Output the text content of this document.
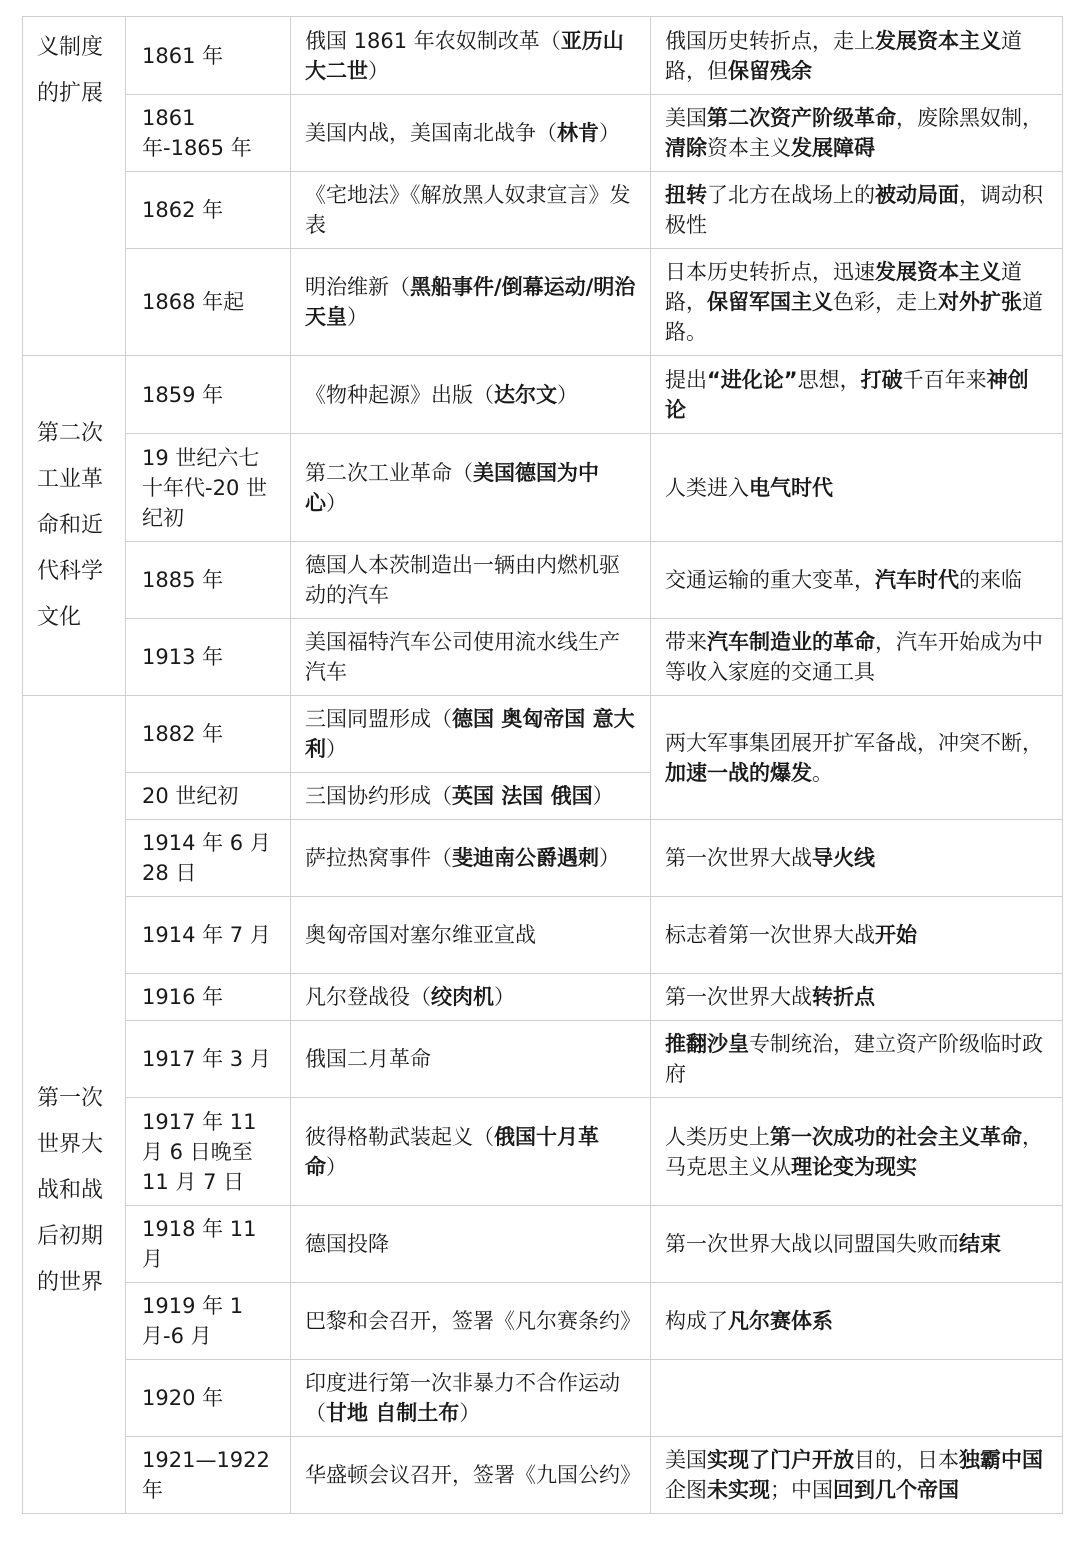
义制度的扩展	1861 年	俄国 1861 年农奴制改革（亚历山大二世）	俄国历史转折点，走上发展资本主义道路，但保留残余
	1861 年-1865 年	美国内战，美国南北战争（林肯）	美国第二次资产阶级革命，废除黑奴制，清除资本主义发展障碍
	1862 年	《宅地法》《解放黑人奴隶宣言》发表	扭转了北方在战场上的被动局面，调动积极性
	1868 年起	明治维新（黑船事件/倒幕运动/明治天皇）	日本历史转折点，迅速发展资本主义道路，保留军国主义色彩，走上对外扩张道路。
第二次工业革命和近代科学文化	1859 年	《物种起源》出版（达尔文）	提出“进化论”思想，打破千百年来神创论
	19 世纪六七十年代-20 世纪初	第二次工业革命（美国德国为中心）	人类进入电气时代
	1885 年	德国人本茨制造出一辆由内燃机驱动的汽车	交通运输的重大变革，汽车时代的来临
	1913 年	美国福特汽车公司使用流水线生产汽车	带来汽车制造业的革命，汽车开始成为中等收入家庭的交通工具
第一次世界大战和战后初期的世界	1882 年	三国同盟形成（德国 奥匈帝国 意大利）	两大军事集团展开扩军备战，冲突不断，加速一战的爆发。
	20 世纪初	三国协约形成（英国 法国 俄国）	
	1914 年 6 月 28 日	萨拉热窝事件（斐迪南公爵遇刺）	第一次世界大战导火线
	1914 年 7 月	奥匈帝国对塞尔维亚宣战	标志着第一次世界大战开始
	1916 年	凡尔登战役（绞肉机）	第一次世界大战转折点
	1917 年 3 月	俄国二月革命	推翻沙皇专制统治，建立资产阶级临时政府
	1917 年 11 月 6 日晚至 11 月 7 日	彼得格勒武装起义（俄国十月革命）	人类历史上第一次成功的社会主义革命，马克思主义从理论变为现实
	1918 年 11 月	德国投降	第一次世界大战以同盟国失败而结束
	1919 年 1 月-6 月	巴黎和会召开，签署《凡尔赛条约》	构成了凡尔赛体系
	1920 年	印度进行第一次非暴力不合作运动（甘地 自制土布）	
	1921—1922 年	华盛顿会议召开，签署《九国公约》	美国实现了门户开放目的，日本独霸中国企图未实现；中国回到几个帝国
